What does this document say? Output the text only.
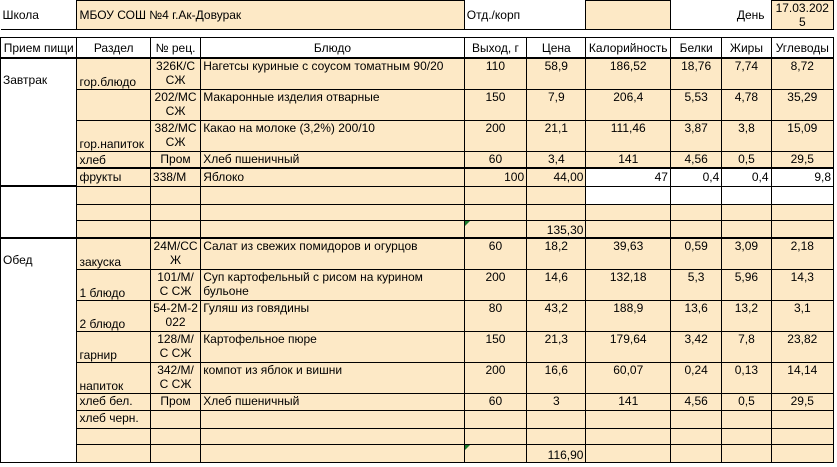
Школа	МБОУ СОШ №4 г.Ак-Довурак			Отд./корп			День		17.03.2025

Прием пищи	Раздел	№ рец.	Блюдо	Выход, г	Цена	Калорийность	Белки	Жиры	Углеводы

Завтрак	гор.блюдо	326К/С СЖ	Нагетсы куриные с соусом томатным 90/20	110	58,9	186,52	18,76	7,74	8,72
		202/МС СЖ	Макаронные изделия отварные	150	7,9	206,4	5,53	4,78	35,29
	гор.напиток	382/МС СЖ	Какао на молоке (3,2%) 200/10	200	21,1	111,46	3,87	3,8	15,09
	хлеб	Пром	Хлеб пшеничный	60	3,4	141	4,56	0,5	29,5
	фрукты	338/М	Яблоко	100	44,00	47	0,4	0,4	9,8

					135,30				

Обед	закуска	24М/СС Ж	Салат из свежих помидоров и огурцов	60	18,2	39,63	0,59	3,09	2,18
	1 блюдо	101/М/С СЖ	Суп картофельный с рисом на курином бульоне	200	14,6	132,18	5,3	5,96	14,3
	2 блюдо	54-2М-2022	Гуляш из говядины	80	43,2	188,9	13,6	13,2	3,1
	гарнир	128/М/С СЖ	Картофельное пюре	150	21,3	179,64	3,42	7,8	23,82
	напиток	342/М/С СЖ	компот из яблок и вишни	200	16,6	60,07	0,24	0,13	14,14
	хлеб бел.	Пром	Хлеб пшеничный	60	3	141	4,56	0,5	29,5
	хлеб черн.								

					116,90				
